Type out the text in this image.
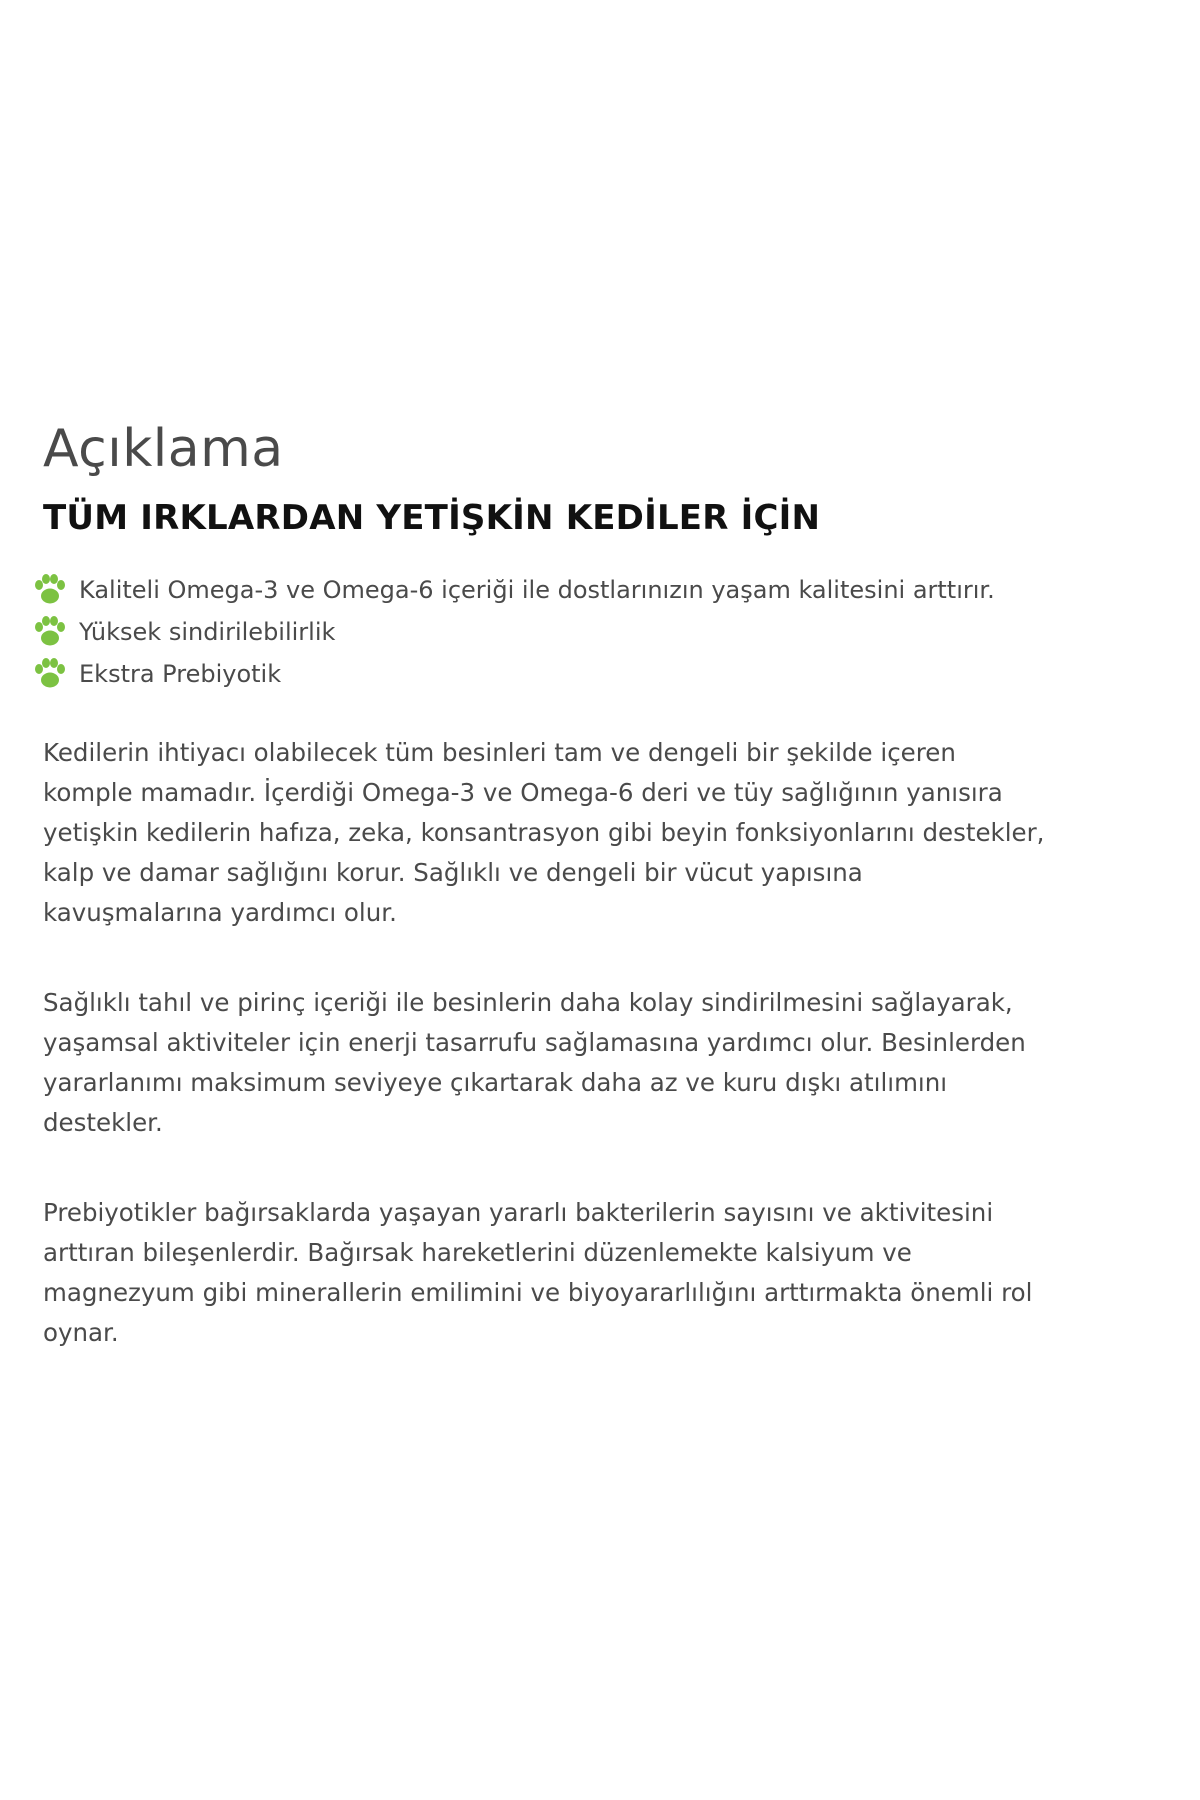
Açıklama
TÜM IRKLARDAN YETİŞKİN KEDİLER İÇİN
Kaliteli Omega-3 ve Omega-6 içeriği ile dostlarınızın yaşam kalitesini arttırır.
Yüksek sindirilebilirlik
Ekstra Prebiyotik

Kedilerin ihtiyacı olabilecek tüm besinleri tam ve dengeli bir şekilde içeren
komple mamadır. İçerdiği Omega-3 ve Omega-6 deri ve tüy sağlığının yanısıra
yetişkin kedilerin hafıza, zeka, konsantrasyon gibi beyin fonksiyonlarını destekler,
kalp ve damar sağlığını korur. Sağlıklı ve dengeli bir vücut yapısına
kavuşmalarına yardımcı olur.

Sağlıklı tahıl ve pirinç içeriği ile besinlerin daha kolay sindirilmesini sağlayarak,
yaşamsal aktiviteler için enerji tasarrufu sağlamasına yardımcı olur. Besinlerden
yararlanımı maksimum seviyeye çıkartarak daha az ve kuru dışkı atılımını
destekler.

Prebiyotikler bağırsaklarda yaşayan yararlı bakterilerin sayısını ve aktivitesini
arttıran bileşenlerdir. Bağırsak hareketlerini düzenlemekte kalsiyum ve
magnezyum gibi minerallerin emilimini ve biyoyararlılığını arttırmakta önemli rol
oynar.
